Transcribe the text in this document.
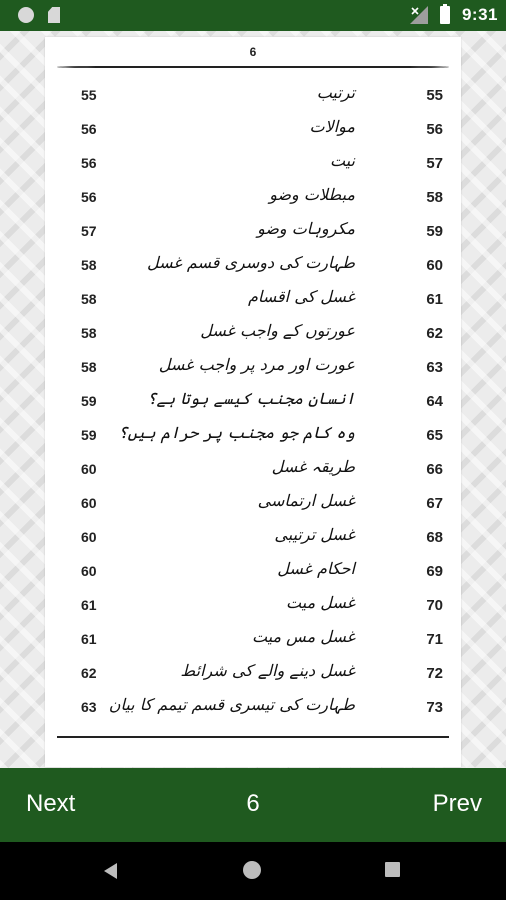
9:31
6
55	ترتیب	55
56	موالات	56
56	نیت	57
56	مبطلات وضو	58
57	مکروہات وضو	59
58	طہارت کی دوسری قسم غسل	60
58	غسل کی اقسام	61
58	عورتوں کے واجب غسل	62
58	عورت اور مرد پر واجب غسل	63
59	انسان مجنب کیسے ہوتا ہے؟	64
59 وہ کام جو مجنب پر حرام ہیں؟	65
60	طریقہ غسل	66
60	غسل ارتماسی	67
60	غسل ترتیبی	68
60	احکام غسل	69
61	غسل میت	70
61	غسل مس میت	71
62	غسل دینے والے کی شرائط	72
63 طہارت کی تیسری قسم تیمم کا بیان	73
Next	6	Prev
